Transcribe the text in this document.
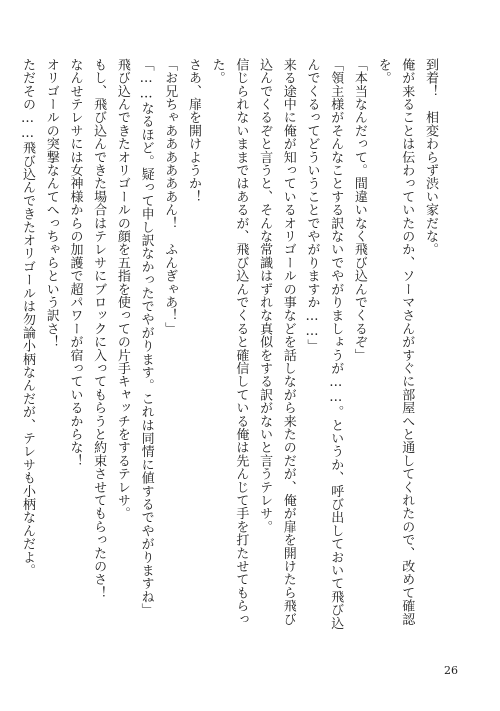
到着！　相変わらず渋い家だな。
俺が来ることは伝わっていたのか、ソーマさんがすぐに部屋へと通してくれたので、改めて確認を。
「本当なんだって。間違いなく飛び込んでくるぞ」
「領主様がそんなことする訳ないでやがりましょうが……。というか、呼び出しておいて飛び込んでくるってどういうことでやがりますか……」
来る途中に俺が知っているオリゴールの事などを話しながら来たのだが、俺が扉を開けたら飛び込んでくるぞと言うと、そんな常識はずれな真似をする訳がないと言うテレサ。
信じられないままではあるが、飛び込んでくると確信している俺は先んじて手を打たせてもらった。
さあ、扉を開けようか！
「お兄ちゃああああああん！　ふんぎゃあ！」
「……なるほど。疑って申し訳なかったでやがります。これは同情に値するでやがりますね」
飛び込んできたオリゴールの顔を五指を使っての片手キャッチをするテレサ。
もし、飛び込んできた場合はテレサにブロックに入ってもらうと約束させてもらったのさ！
なんせテレサには女神様からの加護で超パワーが宿っているからな！
オリゴールの突撃なんてへっちゃらという訳さ！
ただその……飛び込んできたオリゴールは勿論小柄なんだが、テレサも小柄なんだよ。
26
